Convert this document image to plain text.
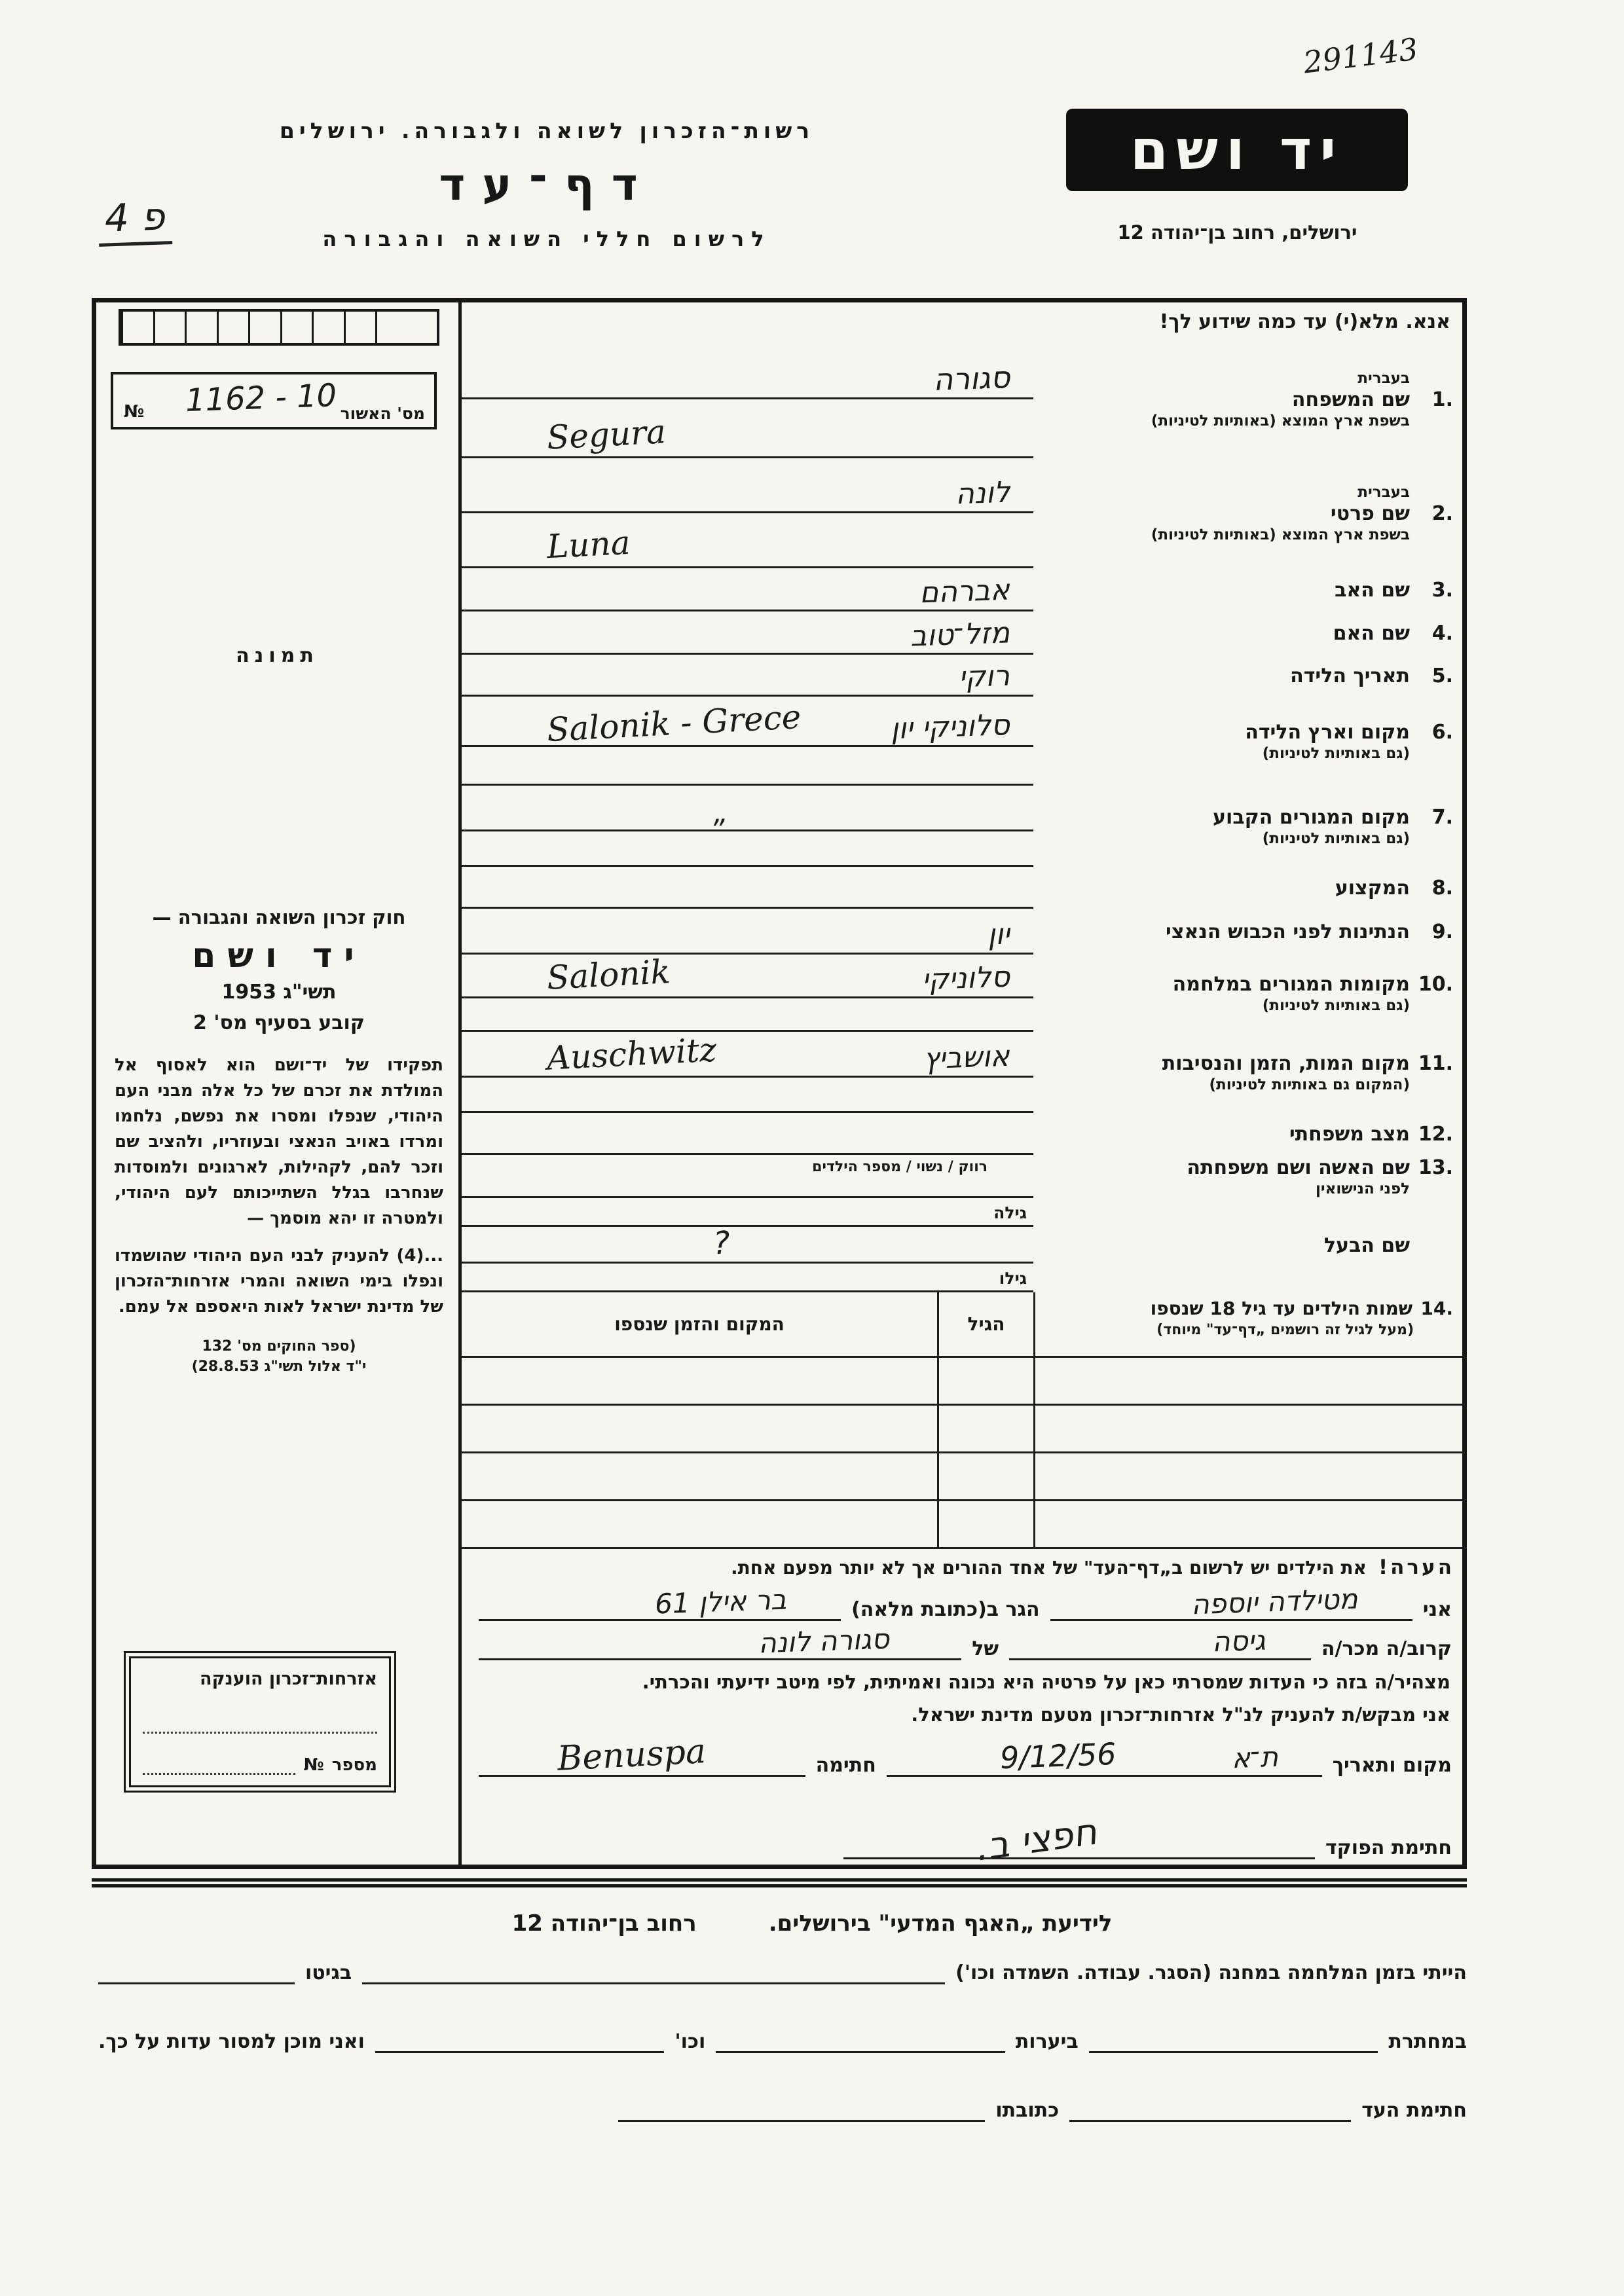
291143
פ 4
יד ושם
ירושלים, רחוב בן־יהודה 12
רשות־הזכרון לשואה ולגבורה. ירושלים
דף־עד
לרשום חללי השואה והגבורה
1162 - 10 מס' האשור
№
תמונה
חוק זכרון השואה והגבורה —
יד ושם
תשי"ג 1953
קובע בסעיף מס' 2
תפקידו של יד־ושם הוא לאסוף אל המולדת את זכרם של כל אלה מבני העם היהודי, שנפלו ומסרו את נפשם, נלחמו ומרדו באויב הנאצי ובעוזריו, ולהציב שם וזכר להם, לקהילות, לארגונים ולמוסדות שנחרבו בגלל השתייכותם לעם היהודי, ולמטרה זו יהא מוסמך —
(4)... להעניק לבני העם היהודי שהושמדו ונפלו בימי השואה והמרי אזרחות־הזכרון של מדינת ישראל לאות היאספם אל עמם.
(ספר החוקים מס' 132
י"ד אלול תשי"ג 28.8.53)
אזרחות־זכרון הוענקה
מספר
№
אנא. מלא(י) עד כמה שידוע לך!
בעברית
1.
שם המשפחה
בשפת ארץ המוצא (באותיות לטיניות)
סגורה
Segura
בעברית
2.
שם פרטי
בשפת ארץ המוצא (באותיות לטיניות)
לונה
Luna
3.
שם האב
אברהם
4.
שם האם
מזל־טוב
5.
תאריך הלידה
רוקי
6.
מקום וארץ הלידה
(גם באותיות לטיניות)
סלוניקי יון
Salonik - Grece
7.
מקום המגורים הקבוע
(גם באותיות לטיניות)
„
8.
המקצוע
9.
הנתינות לפני הכבוש הנאצי
יון
10.
מקומות המגורים במלחמה
(גם באותיות לטיניות)
סלוניקי
Salonik
11.
מקום המות, הזמן והנסיבות
(המקום גם באותיות לטיניות)
אושביץ
Auschwitz
12.
מצב משפחתי
רווק / נשוי / מספר הילדים	13.
שם האשה ושם משפחתה
לפני הנישואין
גילה
שם הבעל
?
גילו
14.
שמות הילדים עד גיל 18 שנספו
(מעל לגיל זה רושמים „דף־עד" מיוחד)
הגיל
המקום והזמן שנספו
הערה!
את הילדים יש לרשום ב„דף־העד" של אחד ההורים אך לא יותר מפעם אחת.
אני
מטילדה יוספה
הגר ב(כתובת מלאה)
בר אילן 61
קרוב/ה מכר/ה
גיסה
של
סגורה לונה
מצהיר/ה בזה כי העדות שמסרתי כאן על פרטיה היא נכונה ואמיתית, לפי מיטב ידיעתי והכרתי.
אני מבקש/ת להעניק לנ"ל אזרחות־זכרון מטעם מדינת ישראל.
מקום ותאריך
ת־א
9/12/56
חתימה
Benuspa
חתימת הפוקד
חפצי ב.
לידיעת „האגף המדעי" בירושלים.
רחוב בן־יהודה 12
הייתי בזמן המלחמה במחנה (הסגר. עבודה. השמדה וכו')
בגיטו
במחתרת
ביערות
וכו'
ואני מוכן למסור עדות על כך.
חתימת העד
כתובתו
